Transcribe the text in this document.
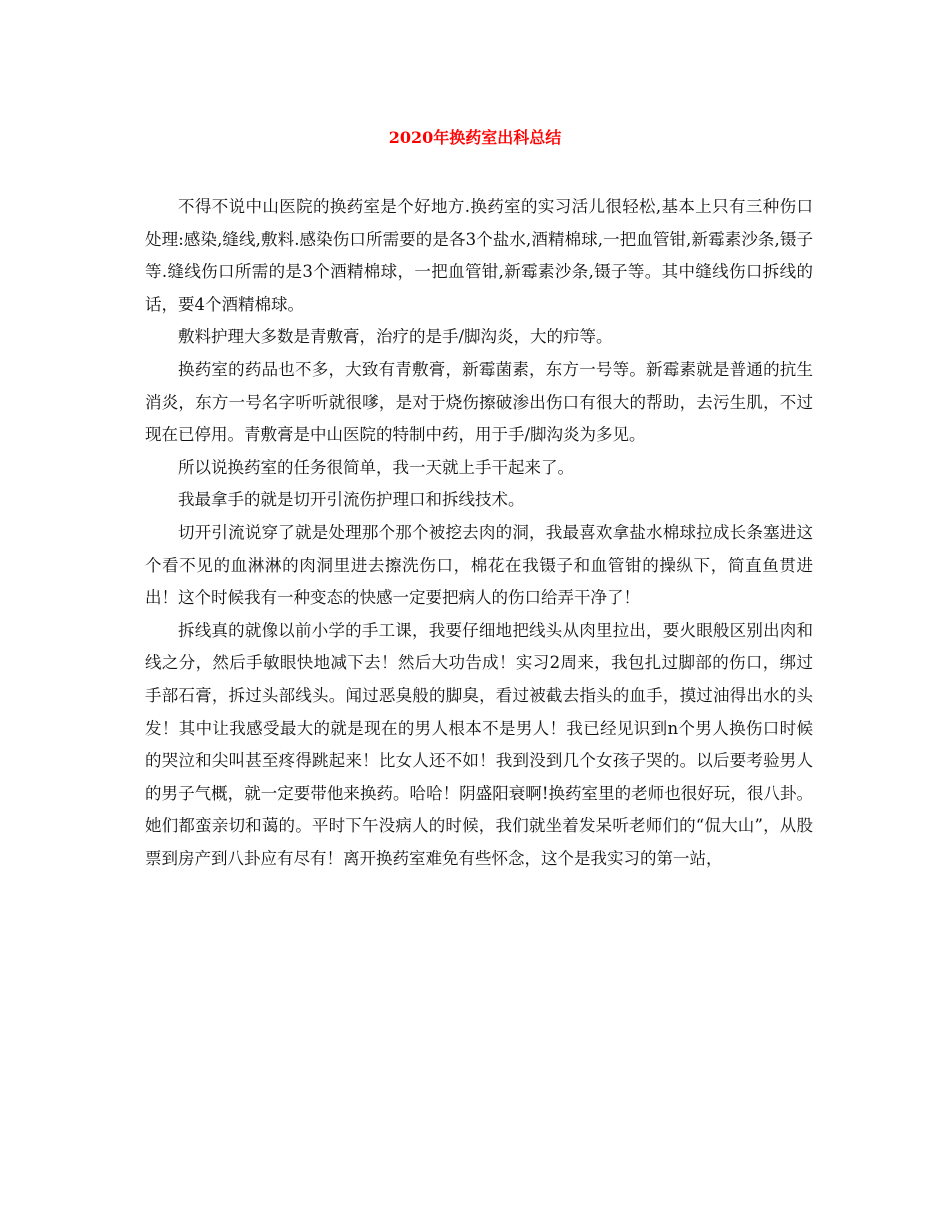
2020年换药室出科总结

不得不说中山医院的换药室是个好地方.换药室的实习活儿很轻松,基本上只有三种伤口处理:感染,缝线,敷料.感染伤口所需要的是各3个盐水,酒精棉球,一把血管钳,新霉素沙条,镊子等.缝线伤口所需的是3个酒精棉球，一把血管钳,新霉素沙条,镊子等。其中缝线伤口拆线的话，要4个酒精棉球。

敷料护理大多数是青敷膏，治疗的是手/脚沟炎，大的疖等。

换药室的药品也不多，大致有青敷膏，新霉菌素，东方一号等。新霉素就是普通的抗生消炎，东方一号名字听听就很嗲，是对于烧伤擦破渗出伤口有很大的帮助，去污生肌，不过现在已停用。青敷膏是中山医院的特制中药，用于手/脚沟炎为多见。

所以说换药室的任务很简单，我一天就上手干起来了。

我最拿手的就是切开引流伤护理口和拆线技术。

切开引流说穿了就是处理那个那个被挖去肉的洞，我最喜欢拿盐水棉球拉成长条塞进这个看不见的血淋淋的肉洞里进去擦洗伤口，棉花在我镊子和血管钳的操纵下，简直鱼贯进出！这个时候我有一种变态的快感一定要把病人的伤口给弄干净了！

拆线真的就像以前小学的手工课，我要仔细地把线头从肉里拉出，要火眼般区别出肉和线之分，然后手敏眼快地减下去！然后大功告成！实习2周来，我包扎过脚部的伤口，绑过手部石膏，拆过头部线头。闻过恶臭般的脚臭，看过被截去指头的血手，摸过油得出水的头发！其中让我感受最大的就是现在的男人根本不是男人！我已经见识到n个男人换伤口时候的哭泣和尖叫甚至疼得跳起来！比女人还不如！我到没到几个女孩子哭的。以后要考验男人的男子气概，就一定要带他来换药。哈哈！阴盛阳衰啊!换药室里的老师也很好玩，很八卦。她们都蛮亲切和蔼的。平时下午没病人的时候，我们就坐着发呆听老师们的“侃大山”，从股票到房产到八卦应有尽有！离开换药室难免有些怀念，这个是我实习的第一站，
